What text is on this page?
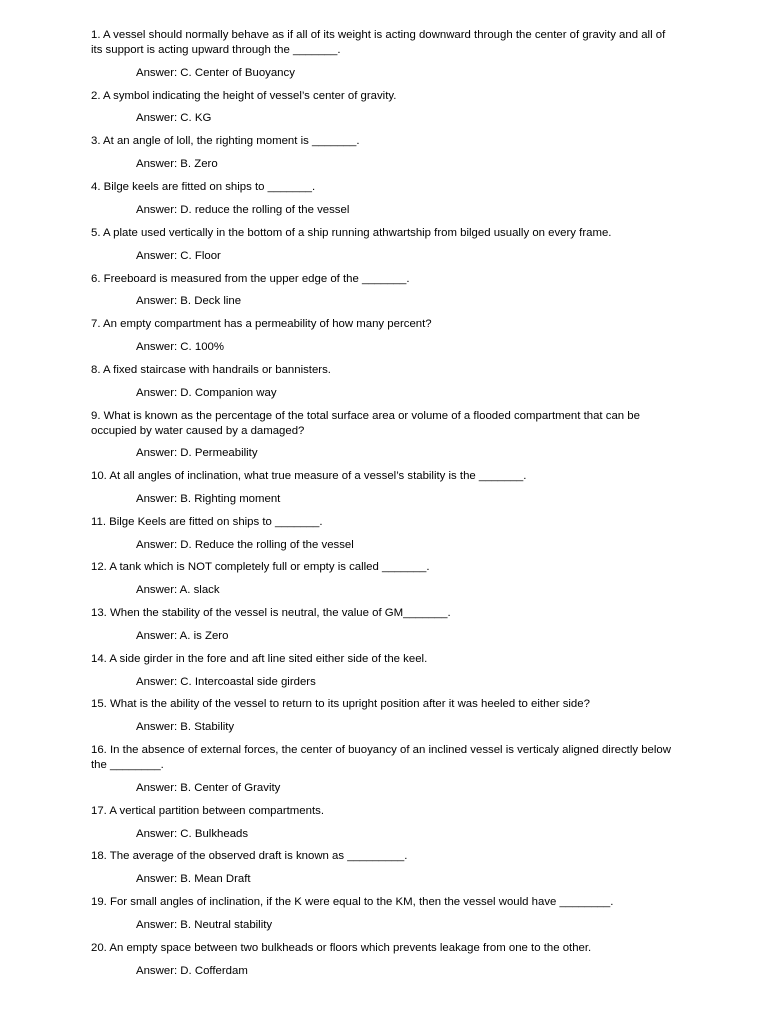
1. A vessel should normally behave as if all of its weight is acting downward through the center of gravity and all of its support is acting upward through the _______.

Answer: C. Center of Buoyancy

2. A symbol indicating the height of vessel’s center of gravity.

Answer: C. KG

3. At an angle of loll, the righting moment is _______.

Answer: B. Zero

4. Bilge keels are fitted on ships to _______.

Answer: D. reduce the rolling of the vessel

5. A plate used vertically in the bottom of a ship running athwartship from bilged usually on every frame.

Answer: C. Floor

6. Freeboard is measured from the upper edge of the _______.

Answer: B. Deck line

7. An empty compartment has a permeability of how many percent?

Answer: C. 100%

8. A fixed staircase with handrails or bannisters.

Answer: D. Companion way

9. What is known as the percentage of the total surface area or volume of a flooded compartment that can be occupied by water caused by a damaged?

Answer: D. Permeability

10. At all angles of inclination, what true measure of a vessel’s stability is the _______.

Answer: B. Righting moment

11. Bilge Keels are fitted on ships to _______.

Answer: D. Reduce the rolling of the vessel

12. A tank which is NOT completely full or empty is called _______.

Answer: A. slack

13. When the stability of the vessel is neutral, the value of GM_______.

Answer: A. is Zero

14. A side girder in the fore and aft line sited either side of the keel.

Answer: C. Intercoastal side girders

15. What is the ability of the vessel to return to its upright position after it was heeled to either side?

Answer: B. Stability

16. In the absence of external forces, the center of buoyancy of an inclined vessel is verticaly aligned directly below the ________.

Answer: B. Center of Gravity

17. A vertical partition between compartments.

Answer: C. Bulkheads

18. The average of the observed draft is known as _________.

Answer: B. Mean Draft

19. For small angles of inclination, if the K were equal to the KM, then the vessel would have ________.

Answer: B. Neutral stability

20. An empty space between two bulkheads or floors which prevents leakage from one to the other.

Answer: D. Cofferdam
